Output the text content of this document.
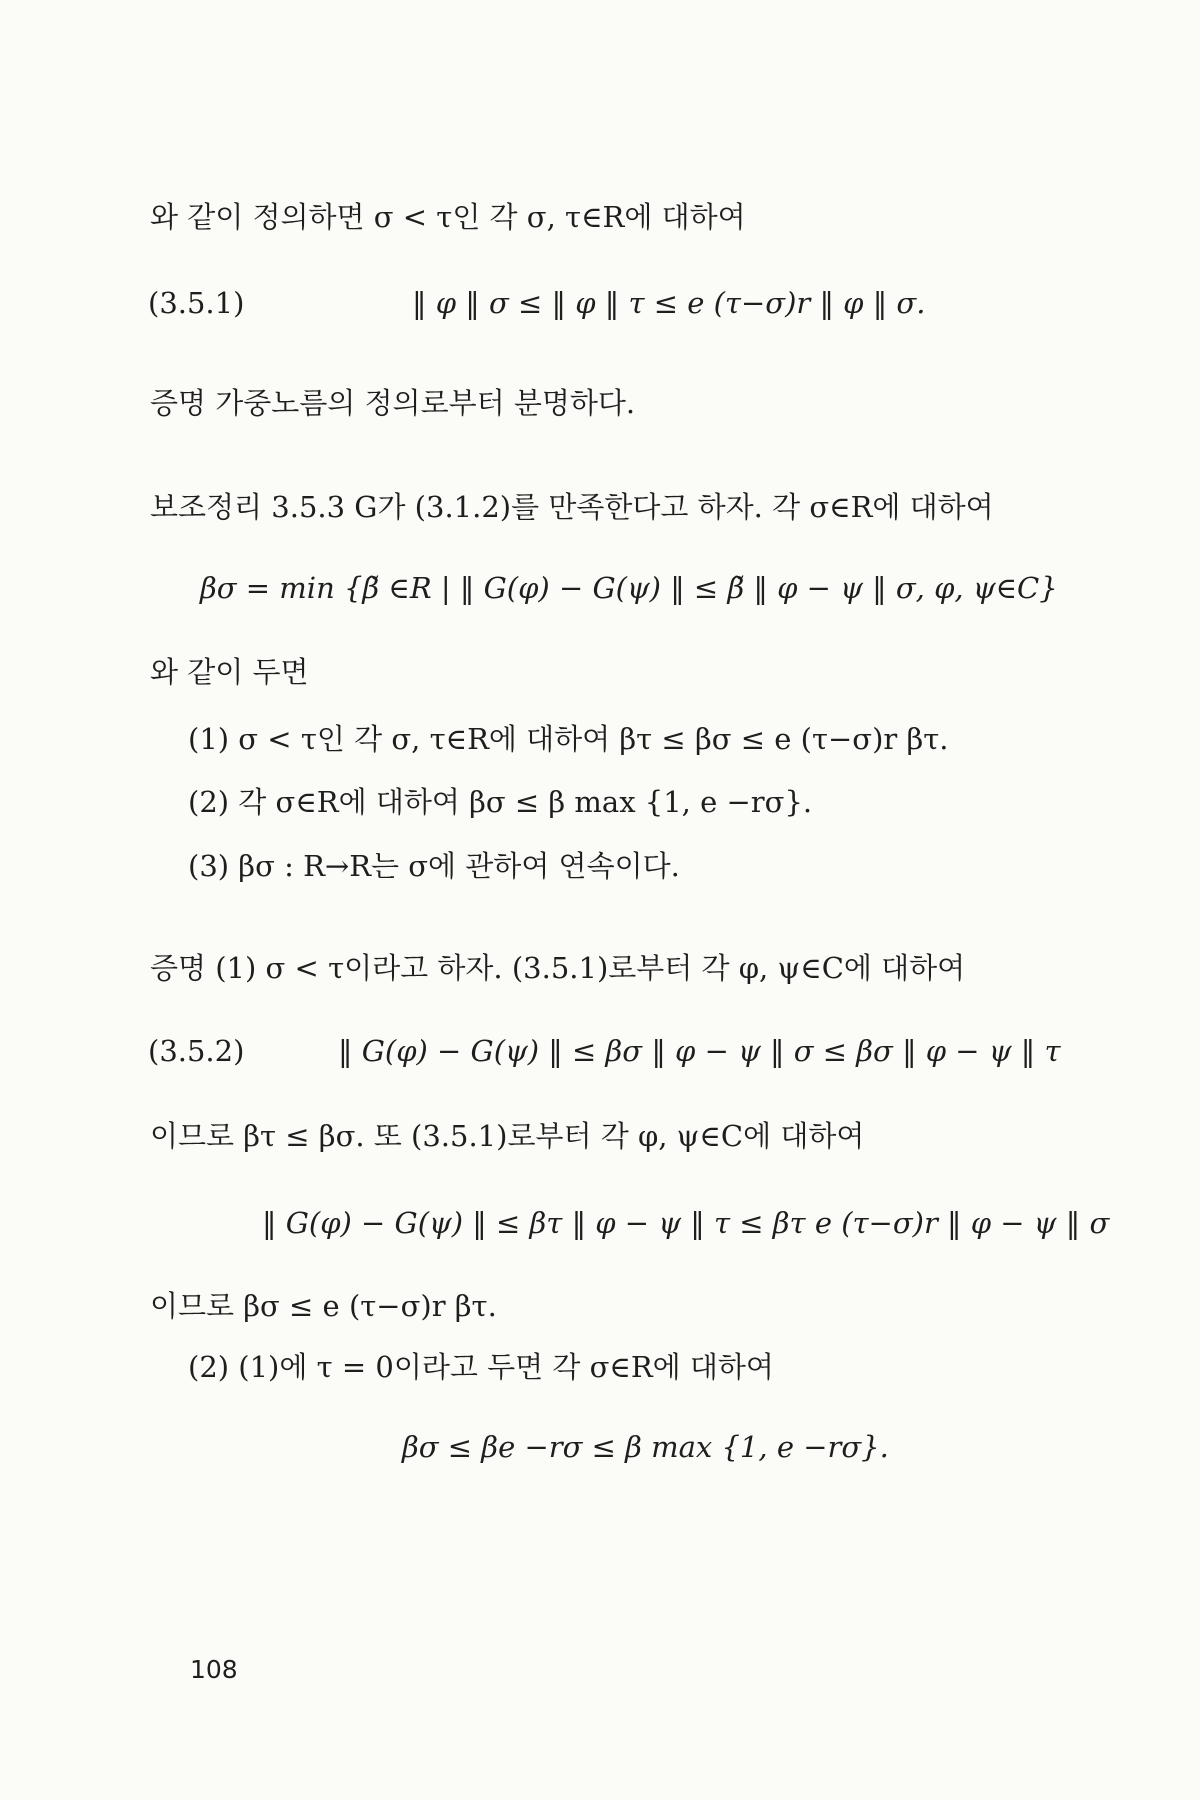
와 같이 정의하면 σ < τ인 각 σ, τ∈R에 대하여
(3.5.1)	‖ φ ‖ σ ≤ ‖ φ ‖ τ ≤ e (τ−σ)r ‖ φ ‖ σ.
증명 가중노름의 정의로부터 분명하다.
보조정리 3.5.3 G가 (3.1.2)를 만족한다고 하자. 각 σ∈R에 대하여
βσ = min {β̃ ∈R | ‖ G(φ) − G(ψ) ‖ ≤ β̃ ‖ φ − ψ ‖ σ, φ, ψ∈C}
와 같이 두면
(1) σ < τ인 각 σ, τ∈R에 대하여 βτ ≤ βσ ≤ e (τ−σ)r βτ.
(2) 각 σ∈R에 대하여 βσ ≤ β max {1, e −rσ}.
(3) βσ : R→R는 σ에 관하여 연속이다.
증명 (1) σ < τ이라고 하자. (3.5.1)로부터 각 φ, ψ∈C에 대하여
(3.5.2)	‖ G(φ) − G(ψ) ‖ ≤ βσ ‖ φ − ψ ‖ σ ≤ βσ ‖ φ − ψ ‖ τ
이므로 βτ ≤ βσ. 또 (3.5.1)로부터 각 φ, ψ∈C에 대하여
‖ G(φ) − G(ψ) ‖ ≤ βτ ‖ φ − ψ ‖ τ ≤ βτ e (τ−σ)r ‖ φ − ψ ‖ σ
이므로 βσ ≤ e (τ−σ)r βτ.
(2) (1)에 τ = 0이라고 두면 각 σ∈R에 대하여
βσ ≤ βe −rσ ≤ β max {1, e −rσ}.
108
